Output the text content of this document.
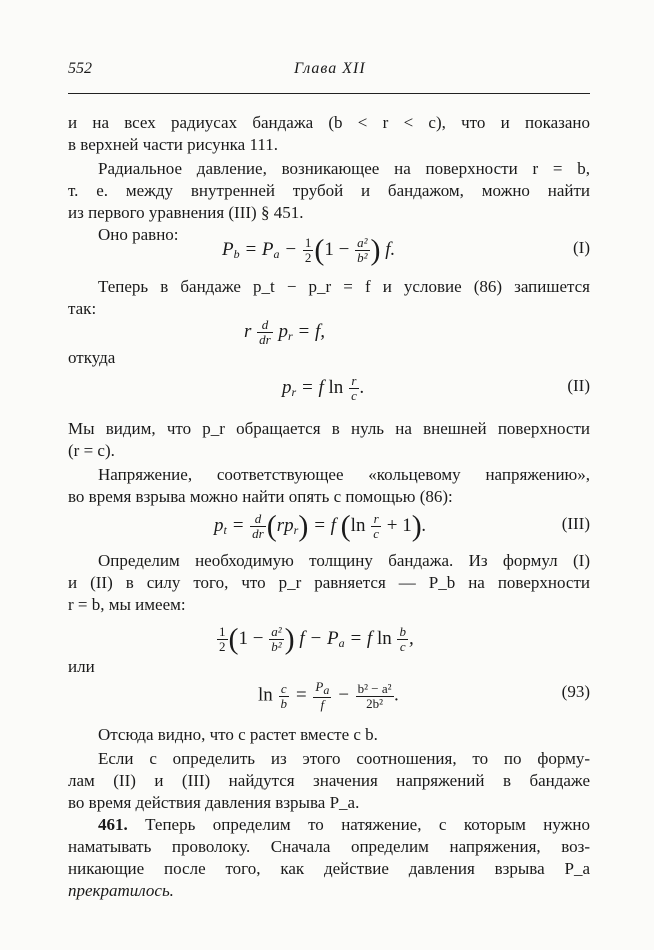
552	Глава XII
и на всех радиусах бандажа (b < r < c), что и показано
в верхней части рисунка 111.
Радиальное давление, возникающее на поверхности r = b,
т. е. между внутренней трубой и бандажом, можно найти
из первого уравнения (III) § 451.
Оно равно:
$P_b = P_a - \frac{1}{2} (1 - \frac{\text{a²}}{\text{b²}}$ ) f.	(I)
Теперь в бандаже p_t − p_r = f и условие (86) запишется
так:
r $\frac{d}{dr} p_r = f$,
откуда
$p_r = f$ $\ln \frac{r}{c}$ .	(II)
Мы видим, что p_r обращается в нуль на внешней поверхности
(r = c).
Напряжение, соответствующее «кольцевому напряжению»,
во время взрыва можно найти опять с помощью (86):
$p_t = \frac{d}{dr} (rp_r) = f$ $(\ln \frac{r}{c} + 1)$.	(III)
Определим необходимую толщину бандажа. Из формул (I)
и (II) в силу того, что p_r равняется — P_b на поверхности
r = b, мы имеем:
$\frac{1}{2} (1 - \frac{\text{a²}}{\text{b²}}$ ) $f - P_a = f$ $\ln \frac{b}{c}$ ,
или
$\ln \frac{c}{b} = \frac{P_a}{f} - \frac{\text{b² − a²}}{\text{2b²}}$ .	(93)
Отсюда видно, что c растет вместе с b.
Если c определить из этого соотношения, то по форму-
лам (II) и (III) найдутся значения напряжений в бандаже
во время действия давления взрыва P_a.
461. Теперь определим то натяжение, с которым нужно
наматывать проволоку. Сначала определим напряжения, воз-
никающие после того, как действие давления взрыва P_a
прекратилось.
